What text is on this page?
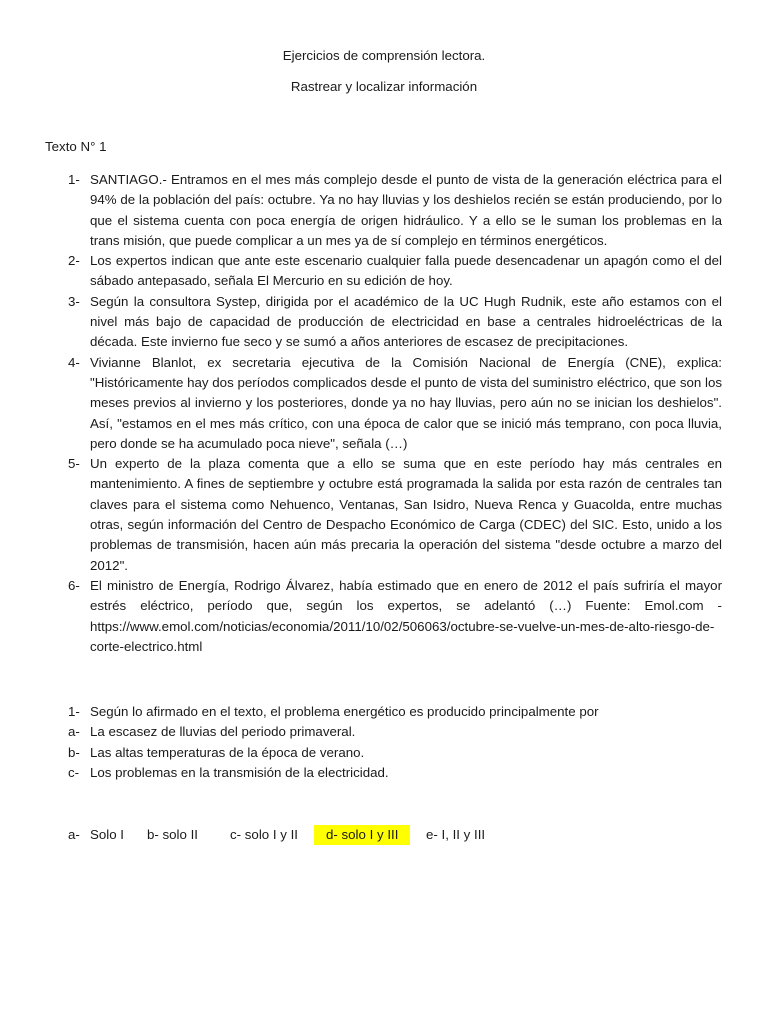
Ejercicios de comprensión lectora.
Rastrear y localizar información
Texto N° 1
1- SANTIAGO.- Entramos en el mes más complejo desde el punto de vista de la generación eléctrica para el 94% de la población del país: octubre. Ya no hay lluvias y los deshielos recién se están produciendo, por lo que el sistema cuenta con poca energía de origen hidráulico. Y a ello se le suman los problemas en la trans misión, que puede complicar a un mes ya de sí complejo en términos energéticos.
2- Los expertos indican que ante este escenario cualquier falla puede desencadenar un apagón como el del sábado antepasado, señala El Mercurio en su edición de hoy.
3- Según la consultora Systep, dirigida por el académico de la UC Hugh Rudnik, este año estamos con el nivel más bajo de capacidad de producción de electricidad en base a centrales hidroeléctricas de la década. Este invierno fue seco y se sumó a años anteriores de escasez de precipitaciones.
4- Vivianne Blanlot, ex secretaria ejecutiva de la Comisión Nacional de Energía (CNE), explica: "Históricamente hay dos períodos complicados desde el punto de vista del suministro eléctrico, que son los meses previos al invierno y los posteriores, donde ya no hay lluvias, pero aún no se inician los deshielos". Así, "estamos en el mes más crítico, con una época de calor que se inició más temprano, con poca lluvia, pero donde se ha acumulado poca nieve", señala (…)
5- Un experto de la plaza comenta que a ello se suma que en este período hay más centrales en mantenimiento. A fines de septiembre y octubre está programada la salida por esta razón de centrales tan claves para el sistema como Nehuenco, Ventanas, San Isidro, Nueva Renca y Guacolda, entre muchas otras, según información del Centro de Despacho Económico de Carga (CDEC) del SIC. Esto, unido a los problemas de transmisión, hacen aún más precaria la operación del sistema "desde octubre a marzo del 2012".
6- El ministro de Energía, Rodrigo Álvarez, había estimado que en enero de 2012 el país sufriría el mayor estrés eléctrico, período que, según los expertos, se adelantó (…) Fuente: Emol.com - https://www.emol.com/noticias/economia/2011/10/02/506063/octubre-se-vuelve-un-mes-de-alto-riesgo-de-corte-electrico.html
1- Según lo afirmado en el texto, el problema energético es producido principalmente por
a- La escasez de lluvias del periodo primaveral.
b- Las altas temperaturas de la época de verano.
c- Los problemas en la transmisión de la electricidad.
a- Solo I b- solo II c- solo I y II	d- solo I y III	e- I, II y III
